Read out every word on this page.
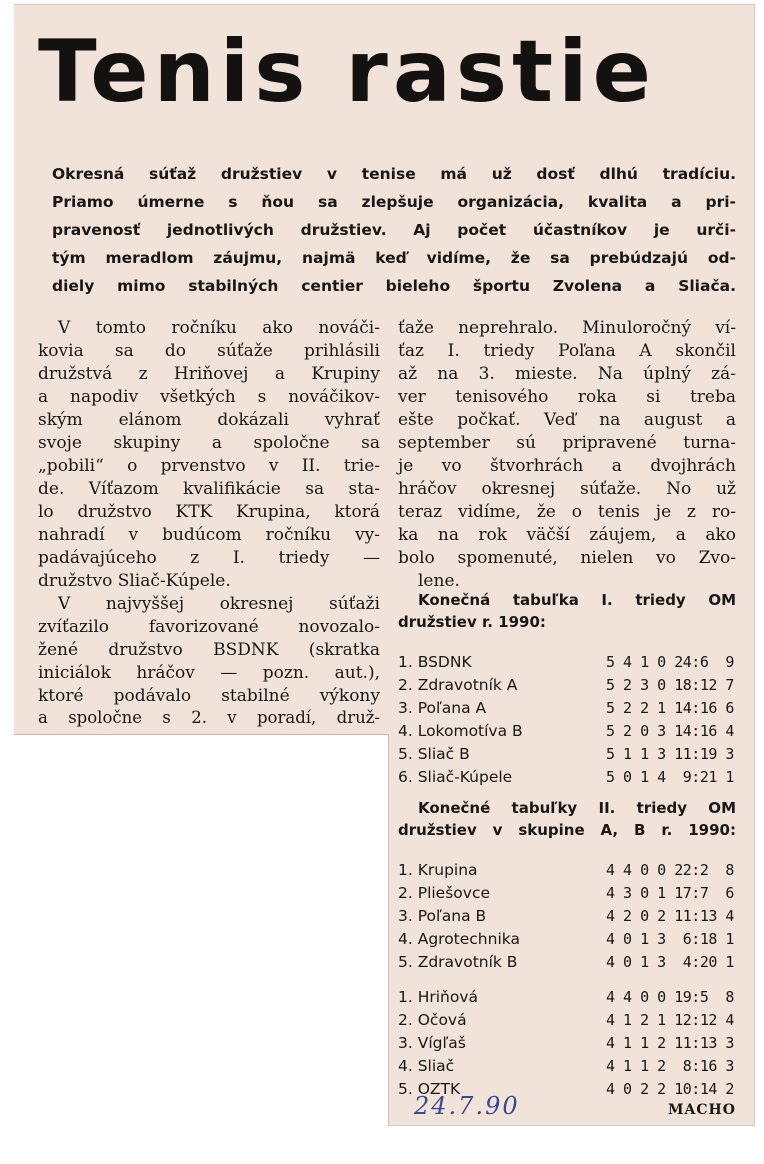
Tenis rastie
Okresná súťaž družstiev v tenise má už dosť dlhú tradíciu.
Priamo úmerne s ňou sa zlepšuje organizácia, kvalita a pri-
pravenosť jednotlivých družstiev. Aj počet účastníkov je urči-
tým meradlom záujmu, najmä keď vidíme, že sa prebúdzajú od-
diely mimo stabilných centier bieleho športu Zvolena a Sliača.
V tomto ročníku ako nováči-
kovia sa do súťaže prihlásili
družstvá z Hriňovej a Krupiny
a napodiv všetkých s nováčikov-
ským elánom dokázali vyhrať
svoje skupiny a spoločne sa
„pobili“ o prvenstvo v II. trie-
de. Víťazom kvalifikácie sa sta-
lo družstvo KTK Krupina, ktorá
nahradí v budúcom ročníku vy-
padávajúceho z I. triedy —
družstvo Sliač-Kúpele.
V najvyššej okresnej súťaži
zvíťazilo favorizované novozalo-
žené družstvo BSDNK (skratka
iniciálok hráčov — pozn. aut.),
ktoré podávalo stabilné výkony
a spoločne s 2. v poradí, druž-
ťaže neprehralo. Minuloročný ví-
ťaz I. triedy Poľana A skončil
až na 3. mieste. Na úplný zá-
ver tenisového roka si treba
ešte počkať. Veď na august a
september sú pripravené turna-
je vo štvorhrách a dvojhrách
hráčov okresnej súťaže. No už
teraz vidíme, že o tenis je z ro-
ka na rok väčší záujem, a ako
bolo spomenuté, nielen vo Zvo-
lene.
Konečná tabuľka I. triedy OM
družstiev r. 1990:
1. BSDNK	5 4 1 0 24:6  9
2. Zdravotník A	5 2 3 0 18:12 7
3. Poľana A	5 2 2 1 14:16 6
4. Lokomotíva B	5 2 0 3 14:16 4
5. Sliač B	5 1 1 3 11:19 3
6. Sliač-Kúpele	5 0 1 4  9:21 1
Konečné tabuľky II. triedy OM
družstiev v skupine A, B r. 1990:
1. Krupina	4 4 0 0 22:2  8
2. Pliešovce	4 3 0 1 17:7  6
3. Poľana B	4 2 0 2 11:13 4
4. Agrotechnika	4 0 1 3  6:18 1
5. Zdravotník B	4 0 1 3  4:20 1
1. Hriňová	4 4 0 0 19:5  8
2. Očová	4 1 2 1 12:12 4
3. Vígľaš	4 1 1 2 11:13 3
4. Sliač	4 1 1 2  8:16 3
5. OZTK	4 0 2 2 10:14 2
24.7.90	MACHO
